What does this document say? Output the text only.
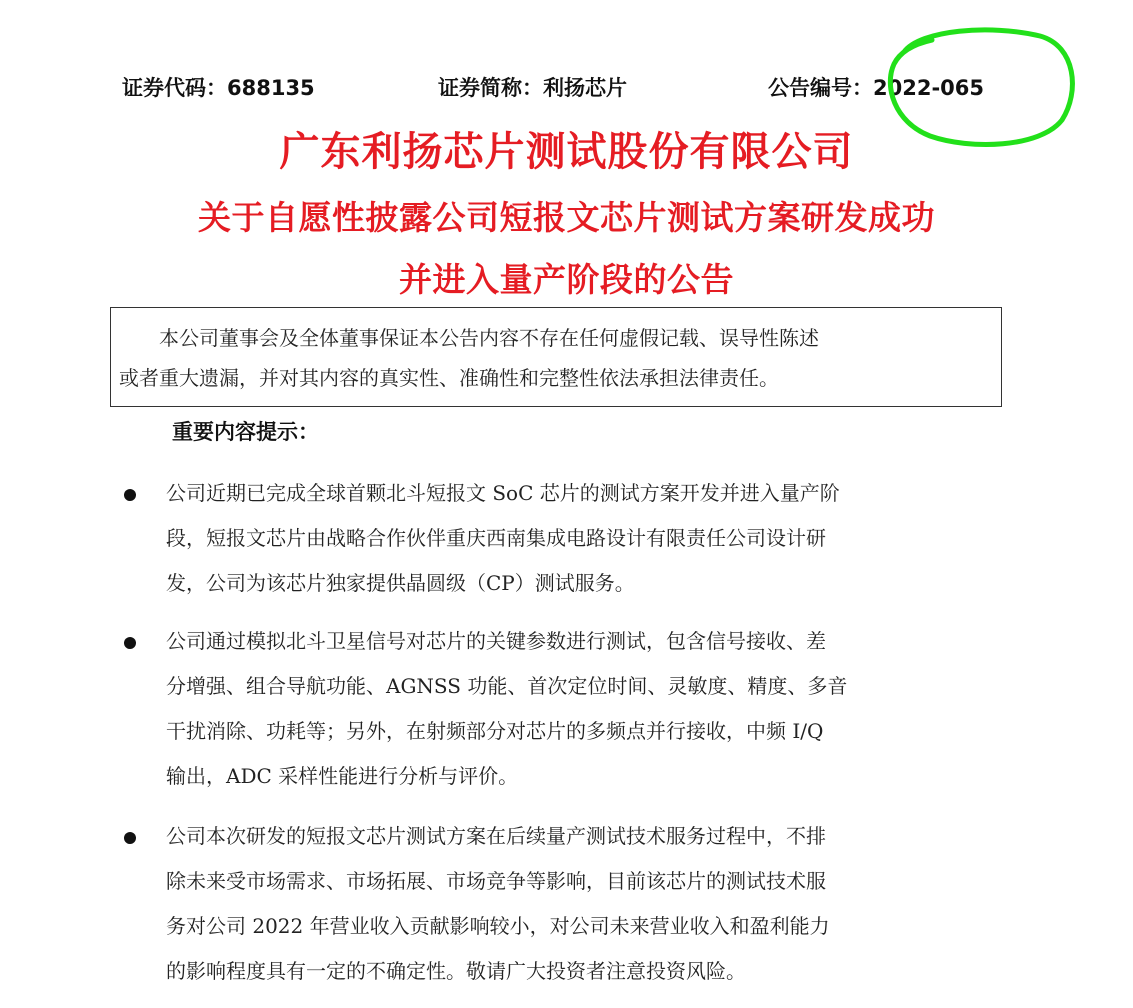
证券代码：688135	证券简称：利扬芯片	公告编号：2022-065
广东利扬芯片测试股份有限公司
关于自愿性披露公司短报文芯片测试方案研发成功
并进入量产阶段的公告

本公司董事会及全体董事保证本公告内容不存在任何虚假记载、误导性陈述

或者重大遗漏，并对其内容的真实性、准确性和完整性依法承担法律责任。

重要内容提示：
公司近期已完成全球首颗北斗短报文 SoC 芯片的测试方案开发并进入量产阶
段，短报文芯片由战略合作伙伴重庆西南集成电路设计有限责任公司设计研
发，公司为该芯片独家提供晶圆级（CP）测试服务。
公司通过模拟北斗卫星信号对芯片的关键参数进行测试，包含信号接收、差
分增强、组合导航功能、AGNSS 功能、首次定位时间、灵敏度、精度、多音
干扰消除、功耗等；另外，在射频部分对芯片的多频点并行接收，中频 I/Q
输出，ADC 采样性能进行分析与评价。
公司本次研发的短报文芯片测试方案在后续量产测试技术服务过程中，不排
除未来受市场需求、市场拓展、市场竞争等影响，目前该芯片的测试技术服
务对公司 2022 年营业收入贡献影响较小，对公司未来营业收入和盈利能力
的影响程度具有一定的不确定性。敬请广大投资者注意投资风险。
